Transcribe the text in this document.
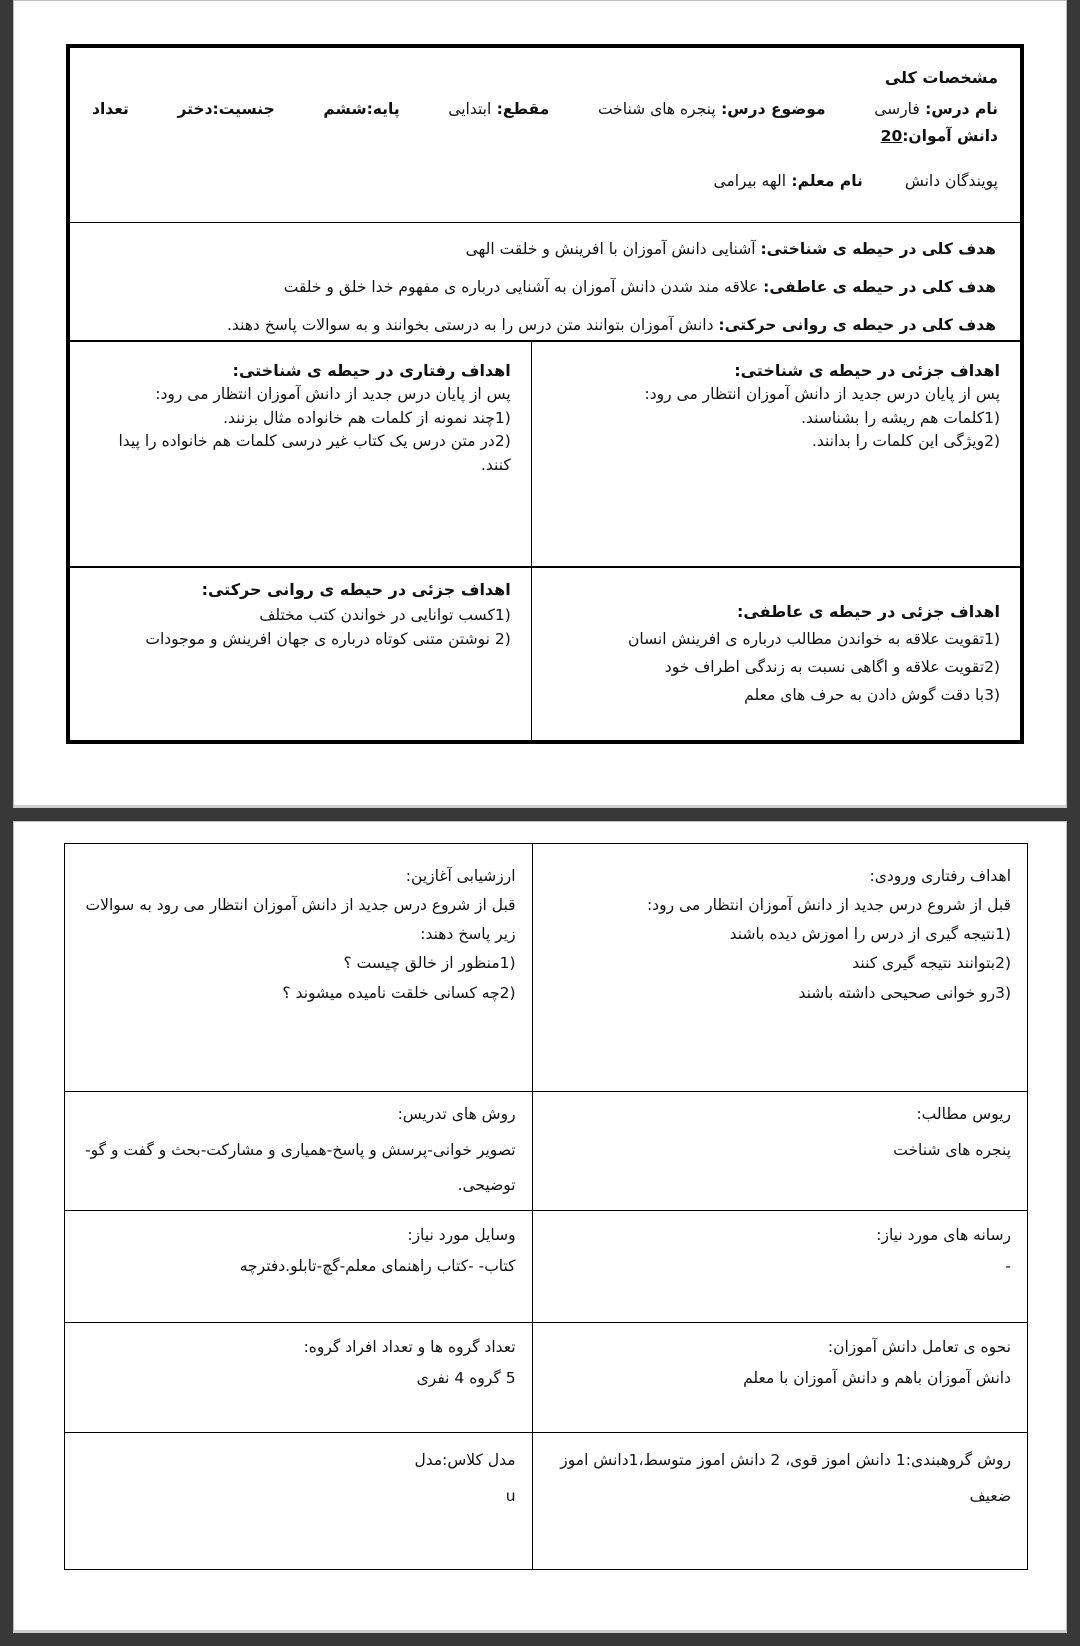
مشخصات کلی
نام درس: فارسی
موضوع درس: پنجره های شناخت
مقطع: ابتدایی
پایه:ششم
جنسیت:دختر
تعداد
دانش آموان:20
پویندگان دانش
نام معلم: الهه بیرامی
هدف کلی در حیطه ی شناختی: آشنایی دانش آموزان با افرینش و خلقت الهی
هدف کلی در حیطه ی عاطفی: علاقه مند شدن دانش آموزان به آشنایی درباره ی مفهوم خدا خلق و خلقت
هدف کلی در حیطه ی روانی حرکتی: دانش آموزان بتوانند متن درس را به درستی بخوانند و به سوالات پاسخ دهند.
اهداف جزئی در حیطه ی شناختی:
پس از پایان درس جدید از دانش آموزان انتظار می رود:
1)کلمات هم ریشه را بشناسند.
2)ویژگی این کلمات را بدانند.
اهداف رفتاری در حیطه ی شناختی:
پس از پایان درس جدید از دانش آموزان انتظار می رود:
1)چند نمونه از کلمات هم خانواده مثال بزنند.
2)در متن درس یک کتاب غیر درسی کلمات هم خانواده را پیدا کنند.
اهداف جزئی در حیطه ی عاطفی:
1)تقویت علاقه به خواندن مطالب درباره ی افرینش انسان
2)تقویت علاقه و اگاهی نسبت به زندگی اطراف خود
3)با دقت گوش دادن به حرف های معلم
اهداف جزئی در حیطه ی روانی حرکتی:
1)کسب توانایی در خواندن کتب مختلف
2) نوشتن متنی کوتاه درباره ی جهان افرینش و موجودات
اهداف رفتاری ورودی:
قبل از شروع درس جدید از دانش آموزان انتظار می رود:
1)نتیجه گیری از درس را اموزش دیده باشند
2)بتوانند نتیجه گیری کنند
3)رو خوانی صحیحی داشته باشند
ارزشیابی آغازین:
قبل از شروع درس جدید از دانش آموزان انتظار می رود به سوالات زیر پاسخ دهند:
1)منظور از خالق چیست ؟
2)چه کسانی خلقت نامیده میشوند ؟
ریوس مطالب:
پنجره های شناخت
روش های تدریس:
تصویر خوانی-پرسش و پاسخ-همیاری و مشارکت-بحث و گفت و گو-توضیحی.
رسانه های مورد نیاز:
-
وسایل مورد نیاز:
کتاب- -کتاب راهنمای معلم-گچ-تابلو.دفترچه
نحوه ی تعامل دانش آموزان:
دانش آموزان باهم و دانش آموزان با معلم
تعداد گروه ها و تعداد افراد گروه:
5 گروه 4 نفری
روش گروهبندی:1 دانش اموز قوی، 2 دانش اموز متوسط،1دانش اموز ضعیف
مدل کلاس:مدل
u
